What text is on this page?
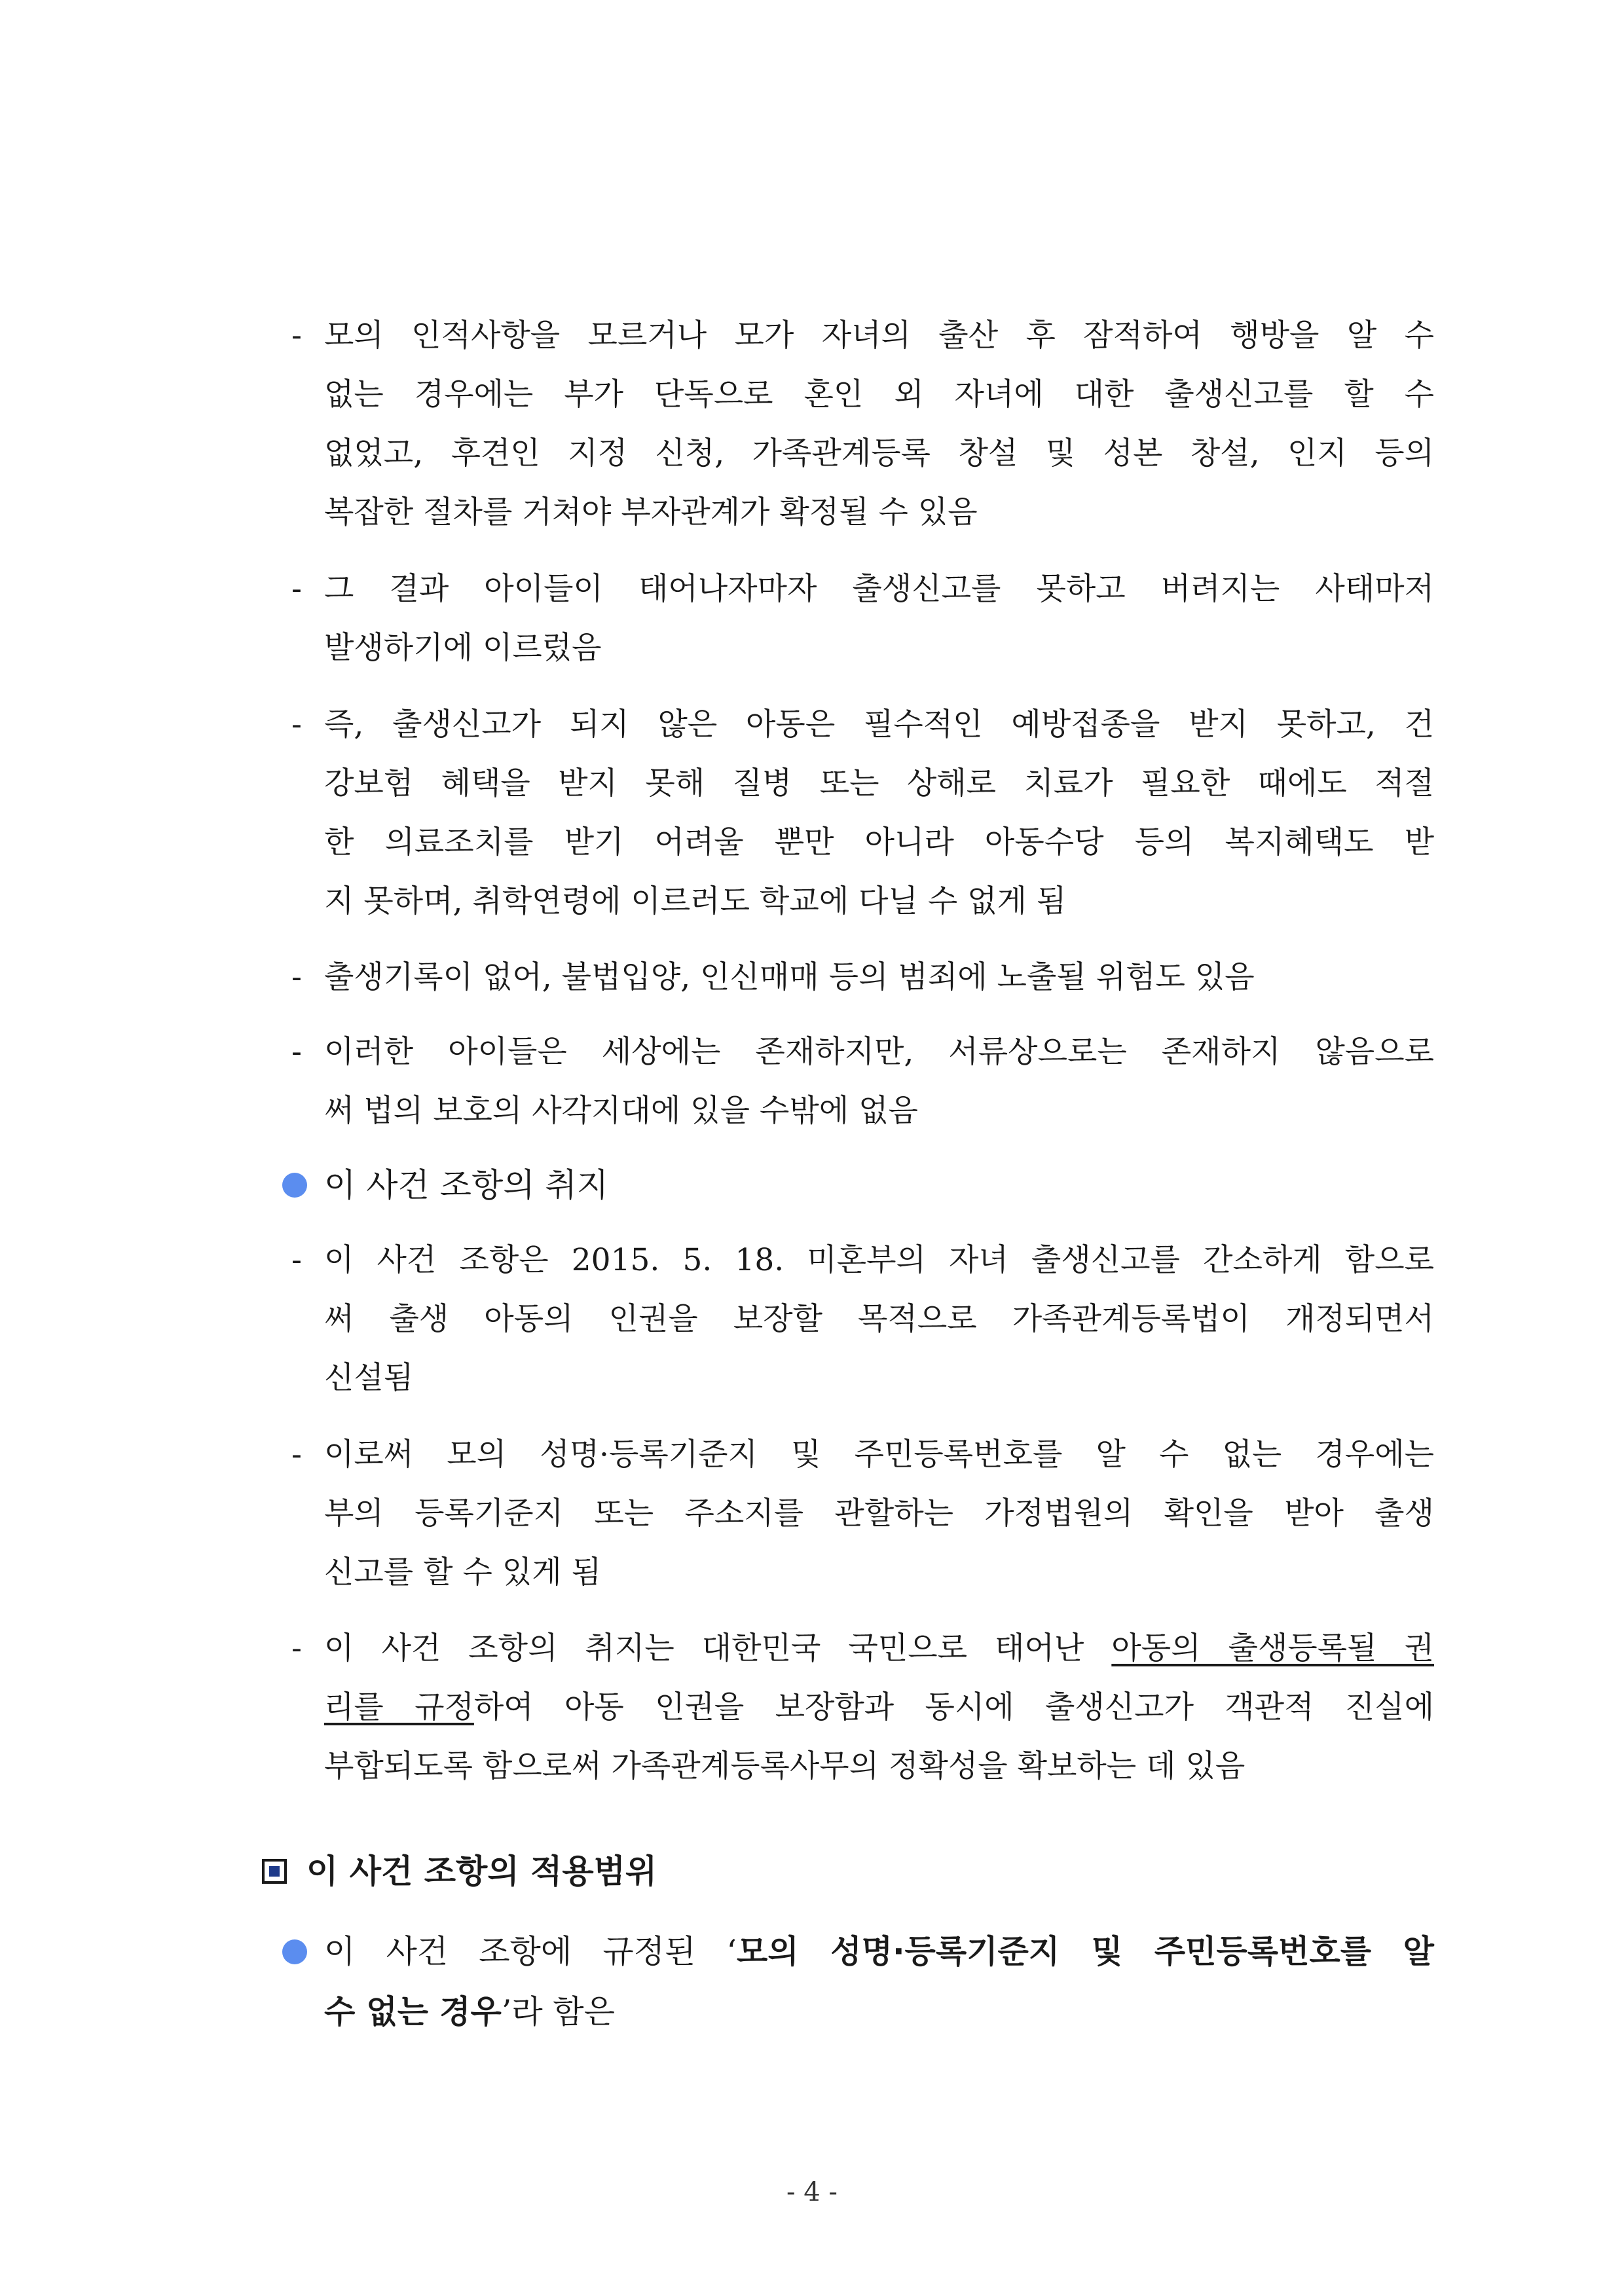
- 모의 인적사항을 모르거나 모가 자녀의 출산 후 잠적하여 행방을 알 수
없는 경우에는 부가 단독으로 혼인 외 자녀에 대한 출생신고를 할 수
없었고, 후견인 지정 신청, 가족관계등록 창설 및 성본 창설, 인지 등의
복잡한 절차를 거쳐야 부자관계가 확정될 수 있음
- 그 결과 아이들이 태어나자마자 출생신고를 못하고 버려지는 사태마저
발생하기에 이르렀음
- 즉, 출생신고가 되지 않은 아동은 필수적인 예방접종을 받지 못하고, 건
강보험 혜택을 받지 못해 질병 또는 상해로 치료가 필요한 때에도 적절
한 의료조치를 받기 어려울 뿐만 아니라 아동수당 등의 복지혜택도 받
지 못하며, 취학연령에 이르러도 학교에 다닐 수 없게 됨
- 출생기록이 없어, 불법입양, 인신매매 등의 범죄에 노출될 위험도 있음
- 이러한 아이들은 세상에는 존재하지만, 서류상으로는 존재하지 않음으로
써 법의 보호의 사각지대에 있을 수밖에 없음
이 사건 조항의 취지
- 이 사건 조항은 2015. 5. 18. 미혼부의 자녀 출생신고를 간소하게 함으로
써 출생 아동의 인권을 보장할 목적으로 가족관계등록법이 개정되면서
신설됨
- 이로써 모의 성명·등록기준지 및 주민등록번호를 알 수 없는 경우에는
부의 등록기준지 또는 주소지를 관할하는 가정법원의 확인을 받아 출생
신고를 할 수 있게 됨
- 이 사건 조항의 취지는 대한민국 국민으로 태어난 아동의 출생등록될 권
리를 규정하여 아동 인권을 보장함과 동시에 출생신고가 객관적 진실에
부합되도록 함으로써 가족관계등록사무의 정확성을 확보하는 데 있음
이 사건 조항의 적용범위
이 사건 조항에 규정된 ‘모의 성명·등록기준지 및 주민등록번호를 알
수 없는 경우’라 함은
- 4 -
